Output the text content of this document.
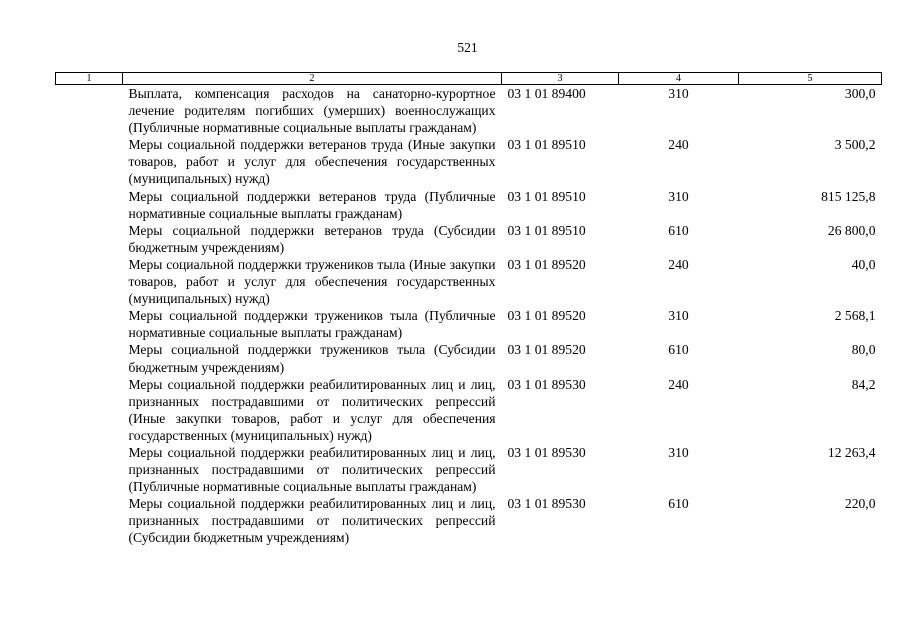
521
1	2	3	4	5
	Выплата, компенсация расходов на санаторно-курортное лечение родителям погибших (умерших) военнослужащих (Публичные нормативные социальные выплаты гражданам)	03 1 01 89400	310	300,0
	Меры социальной поддержки ветеранов труда (Иные закупки товаров, работ и услуг для обеспечения государственных (муниципальных) нужд)	03 1 01 89510	240	3 500,2
	Меры социальной поддержки ветеранов труда (Публичные нормативные социальные выплаты гражданам)	03 1 01 89510	310	815 125,8
	Меры социальной поддержки ветеранов труда (Субсидии бюджетным учреждениям)	03 1 01 89510	610	26 800,0
	Меры социальной поддержки тружеников тыла (Иные закупки товаров, работ и услуг для обеспечения государственных (муниципальных) нужд)	03 1 01 89520	240	40,0
	Меры социальной поддержки тружеников тыла (Публичные нормативные социальные выплаты гражданам)	03 1 01 89520	310	2 568,1
	Меры социальной поддержки тружеников тыла (Субсидии бюджетным учреждениям)	03 1 01 89520	610	80,0
	Меры социальной поддержки реабилитированных лиц и лиц, признанных пострадавшими от политических репрессий (Иные закупки товаров, работ и услуг для обеспечения государственных (муниципальных) нужд)	03 1 01 89530	240	84,2
	Меры социальной поддержки реабилитированных лиц и лиц, признанных пострадавшими от политических репрессий (Публичные нормативные социальные выплаты гражданам)	03 1 01 89530	310	12 263,4
	Меры социальной поддержки реабилитированных лиц и лиц, признанных пострадавшими от политических репрессий (Субсидии бюджетным учреждениям)	03 1 01 89530	610	220,0
